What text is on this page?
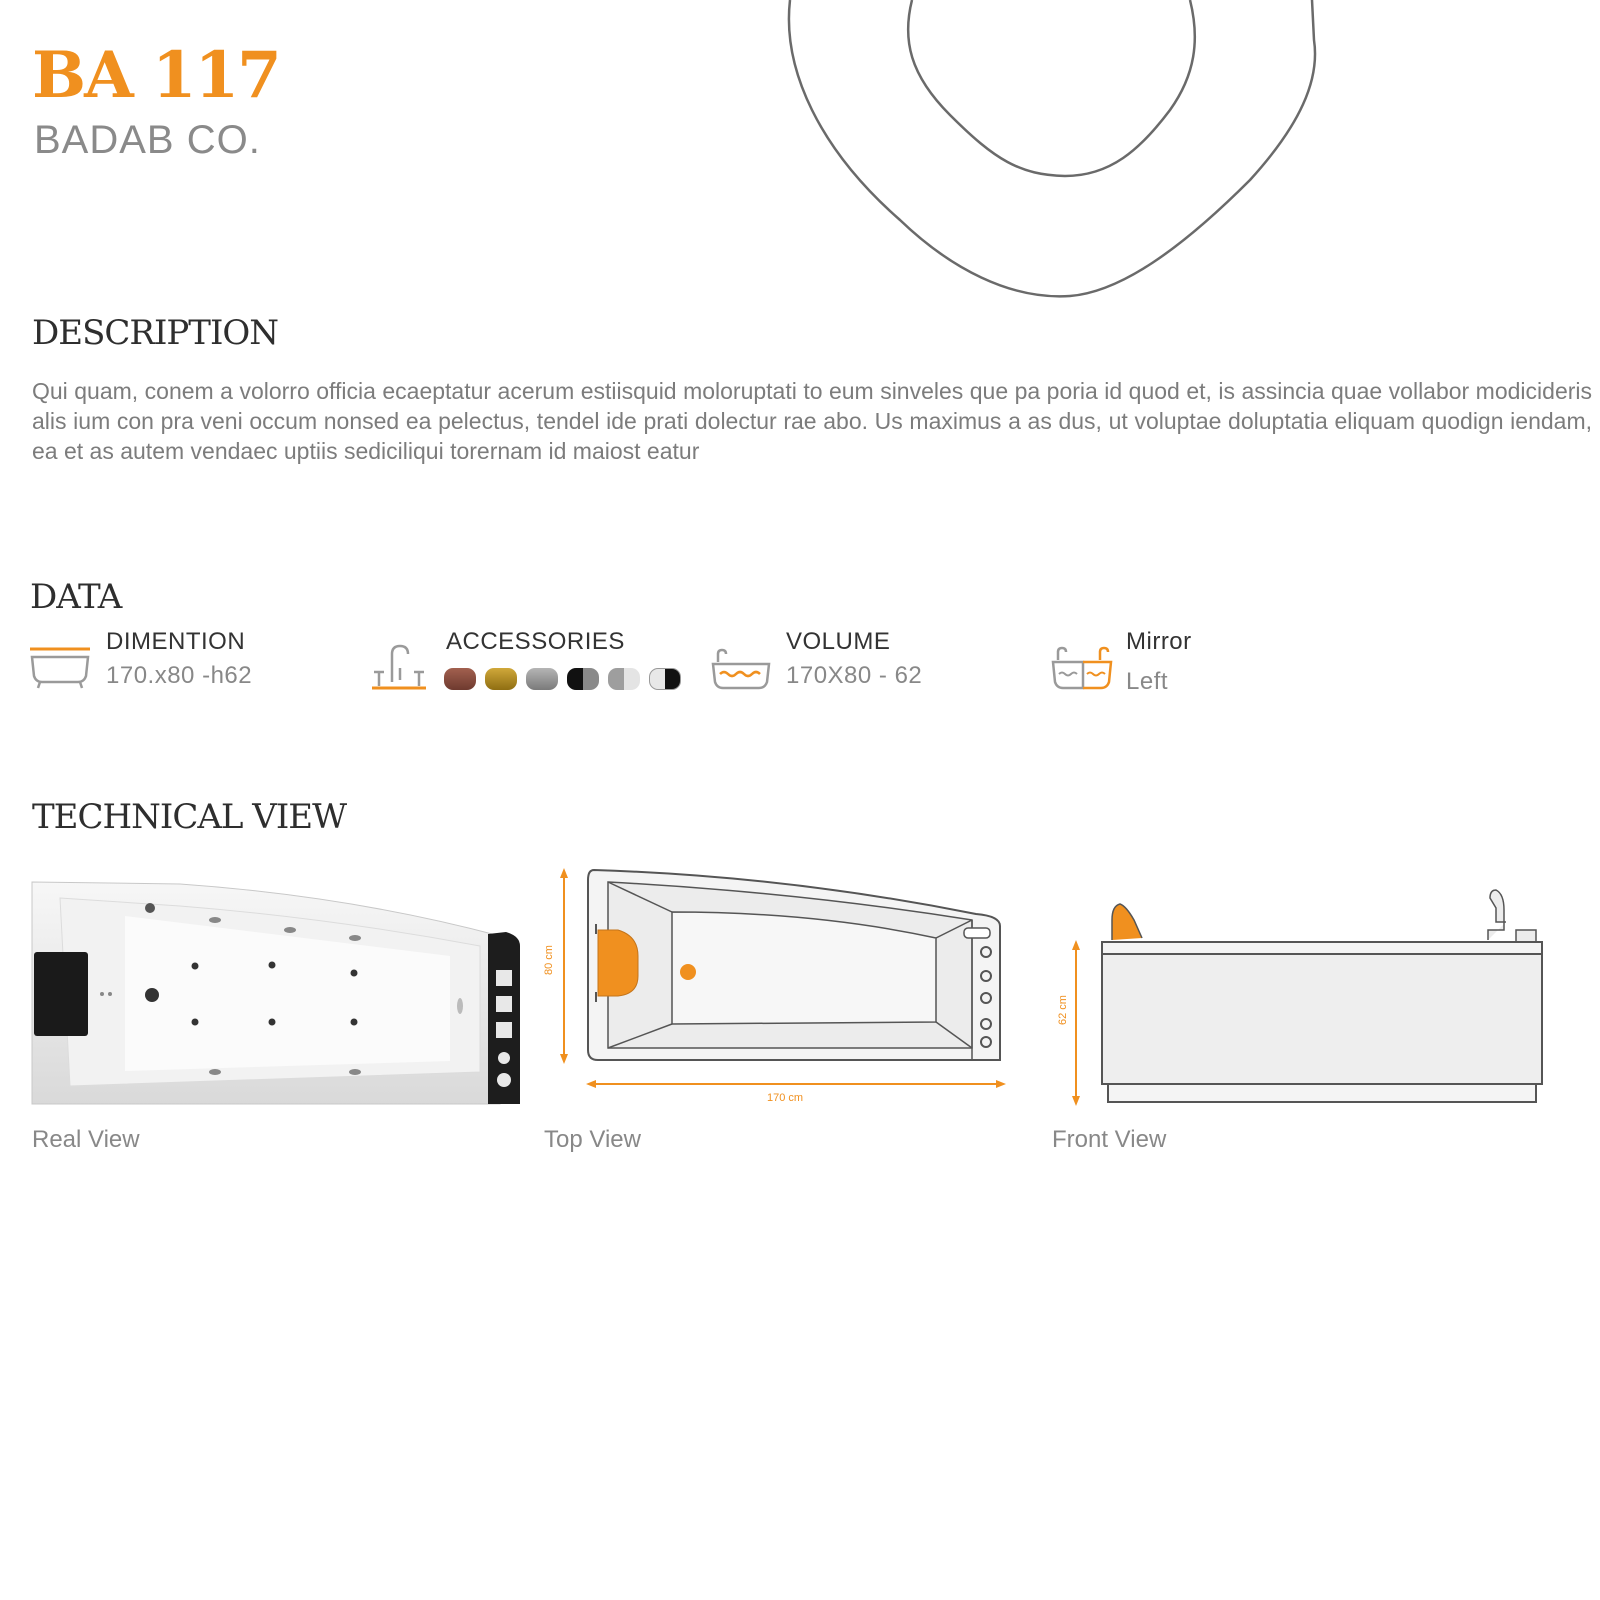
BA 117
BADAB CO.
DESCRIPTION
Qui quam, conem a volorro officia ecaeptatur acerum estiisquid moloruptati to eum sinveles que pa poria id quod et, is assincia quae vollabor modicideris alis ium con pra veni occum nonsed ea pelectus, tendel ide prati dolectur rae abo. Us maximus a as dus, ut voluptae doluptatia eliquam quodign iendam, ea et as autem vendaec uptiis sediciliqui torernam id maiost eatur
DATA
DIMENTION
170.x80 -h62
ACCESSORIES	VOLUME
170X80 - 62
Mirror
Left
TECHNICAL VIEW
Real View
80 cm
170 cm
Top View
62 cm
Front View
